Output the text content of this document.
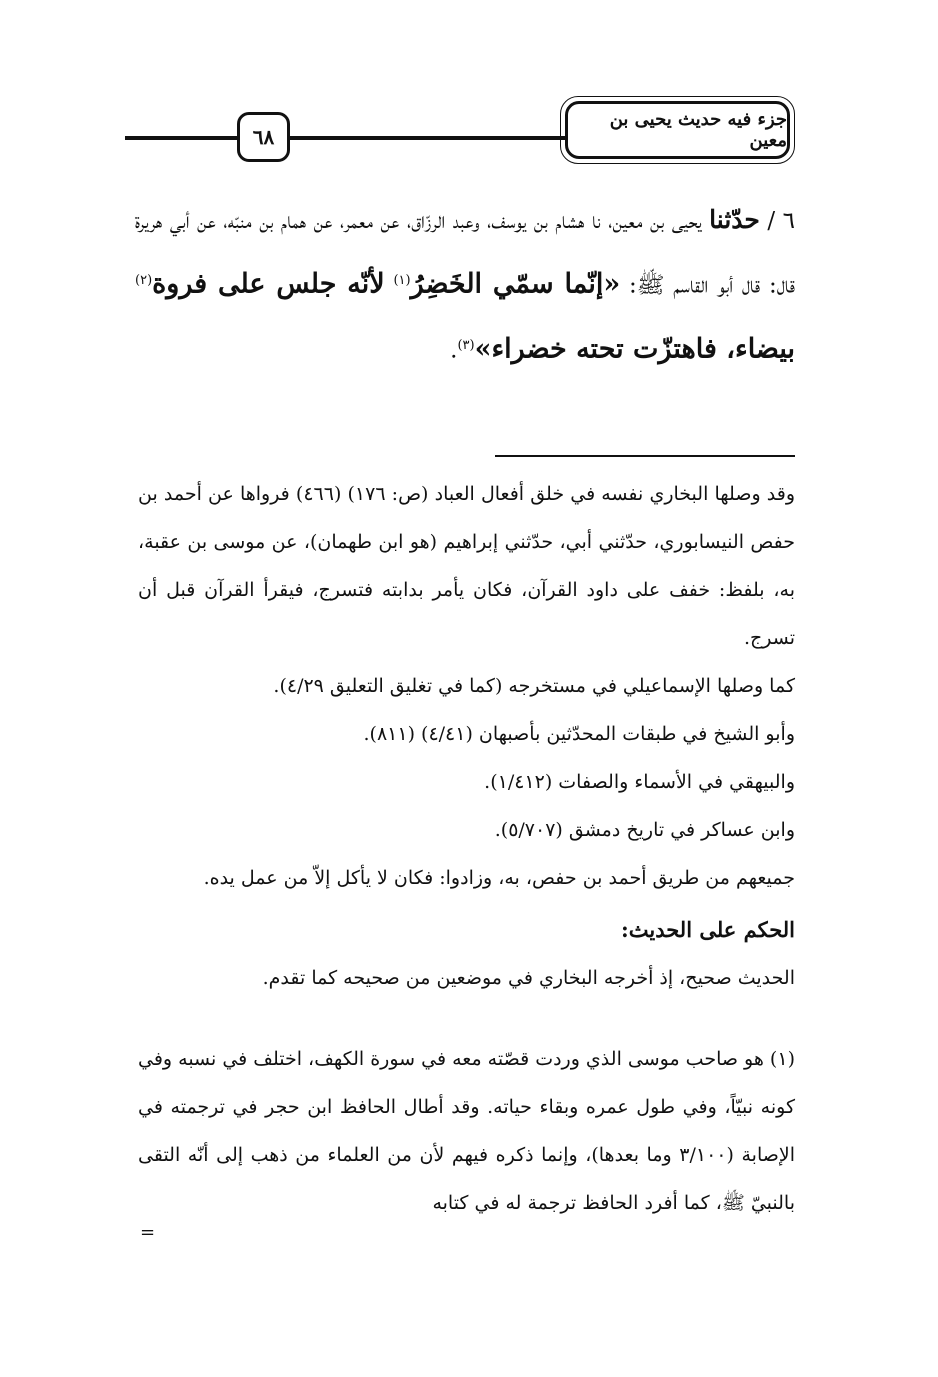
٦٨
جزء فيه حديث يحيى بن معين
٦ / حدّثنا يحيى بن معين، نا هشام بن يوسف، وعبد الرزّاق، عن معمر، عن همام بن منبّه، عن أبي هريرة قال: قال أبو القاسم ﷺ: «إنّما سمّي الخَضِرُ$^{(١)}$ لأنّه جلس على فروة$^{(٢)}$ بيضاء، فاهتزّت تحته خضراء»$^{(٣)}$.

وقد وصلها البخاري نفسه في خلق أفعال العباد (ص: ١٧٦) (٤٦٦) فرواها عن أحمد بن حفص النيسابوري، حدّثني أبي، حدّثني إبراهيم (هو ابن طهمان)، عن موسى بن عقبة، به، بلفظ: خفف على داود القرآن، فكان يأمر بدابته فتسرج، فيقرأ القرآن قبل أن تسرج.

كما وصلها الإسماعيلي في مستخرجه (كما في تغليق التعليق ٤/٢٩).

وأبو الشيخ في طبقات المحدّثين بأصبهان (٤/٤١) (٨١١).

والبيهقي في الأسماء والصفات (١/٤١٢).

وابن عساكر في تاريخ دمشق (٥/٧٠٧).

جميعهم من طريق أحمد بن حفص، به، وزادوا: فكان لا يأكل إلاّ من عمل يده.

الحكم على الحديث:

الحديث صحيح، إذ أخرجه البخاري في موضعين من صحيحه كما تقدم.

(١) هو صاحب موسى الذي وردت قصّته معه في سورة الكهف، اختلف في نسبه وفي كونه نبيّاً، وفي طول عمره وبقاء حياته. وقد أطال الحافظ ابن حجر في ترجمته في الإصابة (٣/١٠٠ وما بعدها)، وإنما ذكره فيهم لأن من العلماء من ذهب إلى أنّه التقى بالنبيّ ﷺ، كما أفرد الحافظ ترجمة له في كتابه

=
